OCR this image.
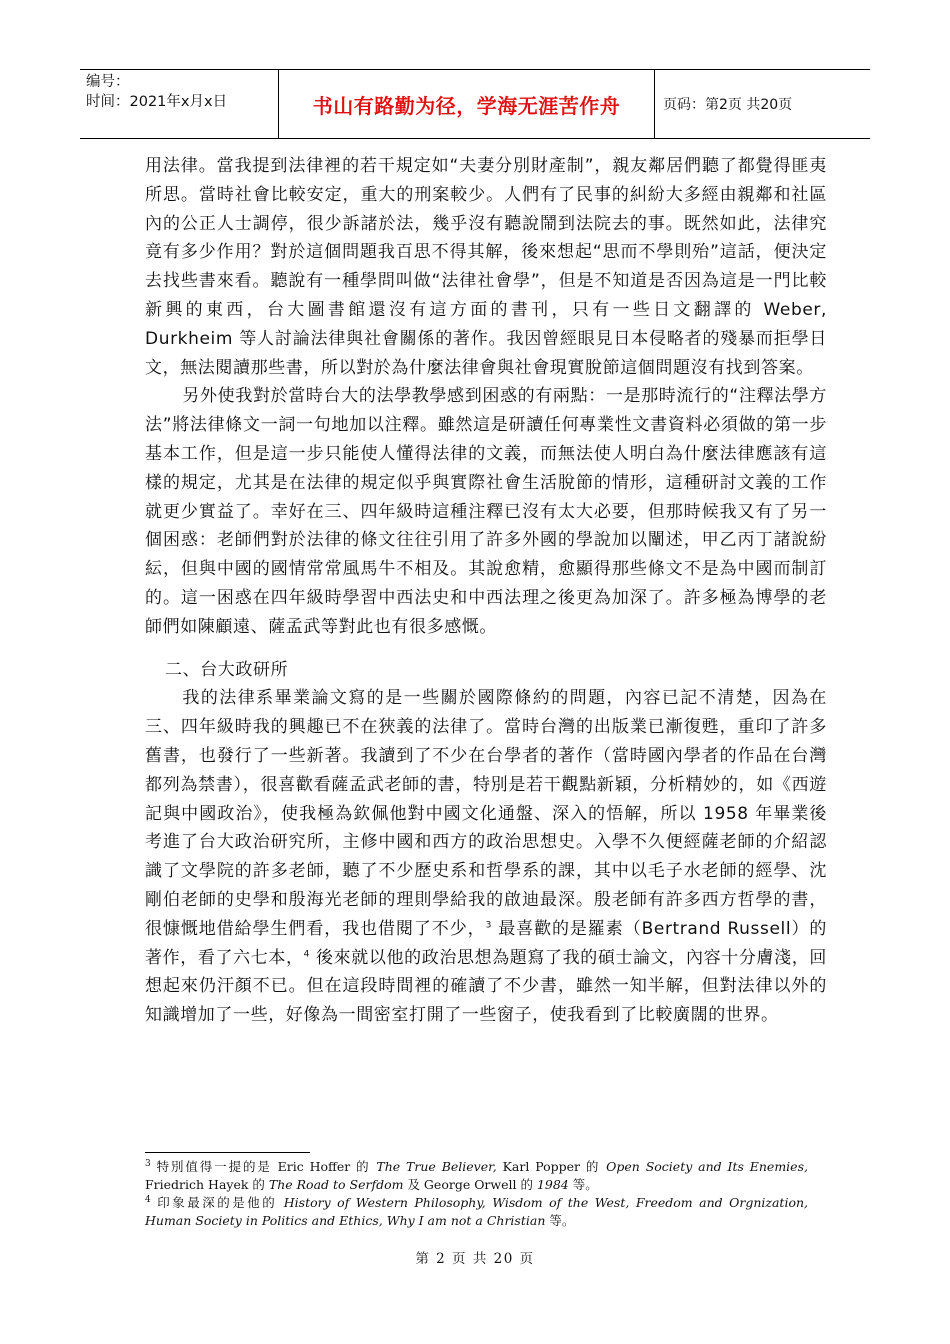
编号：
时间：2021年x月x日	书山有路勤为径，学海无涯苦作舟	页码：第2页 共20页

用法律。當我提到法律裡的若干規定如“夫妻分別財產制”，親友鄰居們聽了都覺得匪夷所思。當時社會比較安定，重大的刑案較少。人們有了民事的糾紛大多經由親鄰和社區內的公正人士調停，很少訴諸於法，幾乎沒有聽說鬧到法院去的事。既然如此，法律究竟有多少作用？對於這個問題我百思不得其解，後來想起“思而不學則殆”這話，便決定去找些書來看。聽說有一種學問叫做“法律社會學”，但是不知道是否因為這是一門比較新興的東西，台大圖書館還沒有這方面的書刊，只有一些日文翻譯的 Weber, Durkheim 等人討論法律與社會關係的著作。我因曾經眼見日本侵略者的殘暴而拒學日文，無法閱讀那些書，所以對於為什麼法律會與社會現實脫節這個問題沒有找到答案。

另外使我對於當時台大的法學教學感到困惑的有兩點：一是那時流行的“注釋法學方法”將法律條文一詞一句地加以注釋。雖然這是研讀任何專業性文書資料必須做的第一步基本工作，但是這一步只能使人懂得法律的文義，而無法使人明白為什麼法律應該有這樣的規定，尤其是在法律的規定似乎與實際社會生活脫節的情形，這種研討文義的工作就更少實益了。幸好在三、四年級時這種注釋已沒有太大必要，但那時候我又有了另一個困惑：老師們對於法律的條文往往引用了許多外國的學說加以闡述，甲乙丙丁諸說紛紜，但與中國的國情常常風馬牛不相及。其說愈精，愈顯得那些條文不是為中國而制訂的。這一困惑在四年級時學習中西法史和中西法理之後更為加深了。許多極為博學的老師們如陳顧遠、薩孟武等對此也有很多感慨。

二、台大政研所

我的法律系畢業論文寫的是一些關於國際條約的問題，內容已記不清楚，因為在三、四年級時我的興趣已不在狹義的法律了。當時台灣的出版業已漸復甦，重印了許多舊書，也發行了一些新著。我讀到了不少在台學者的著作（當時國內學者的作品在台灣都列為禁書），很喜歡看薩孟武老師的書，特別是若干觀點新穎，分析精妙的，如《西遊記與中國政治》，使我極為欽佩他對中國文化通盤、深入的悟解，所以 1958 年畢業後考進了台大政治研究所，主修中國和西方的政治思想史。入學不久便經薩老師的介紹認識了文學院的許多老師，聽了不少歷史系和哲學系的課，其中以毛子水老師的經學、沈剛伯老師的史學和殷海光老師的理則學給我的啟迪最深。殷老師有許多西方哲學的書，很慷慨地借給學生們看，我也借閱了不少，$^3$ 最喜歡的是羅素（Bertrand Russell）的著作，看了六七本，$^4$ 後來就以他的政治思想為題寫了我的碩士論文，內容十分膚淺，回想起來仍汗顏不已。但在這段時間裡的確讀了不少書，雖然一知半解，但對法律以外的知識增加了一些，好像為一間密室打開了一些窗子，使我看到了比較廣闊的世界。

$^3$ 特別值得一提的是 Eric Hoffer 的 The True Believer, Karl Popper 的 Open Society and Its Enemies, Friedrich Hayek 的 The Road to Serfdom 及 George Orwell 的 1984 等。

$^4$ 印象最深的是他的 History of Western Philosophy, Wisdom of the West, Freedom and Orgnization, Human Society in Politics and Ethics, Why I am not a Christian 等。

第 2 页 共 20 页
